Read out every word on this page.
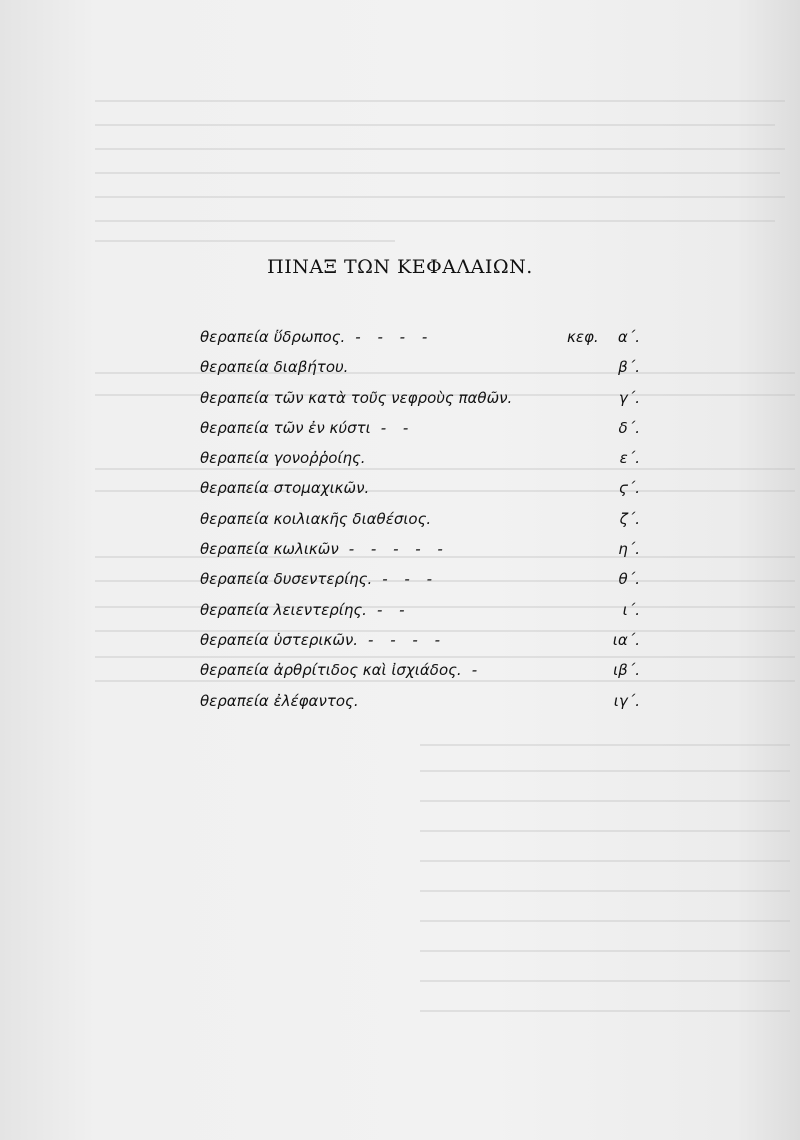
ΠΙΝΑΞ ΤΩΝ ΚΕΦΑΛΑΙΩΝ.
θεραπεία ὕδρωπος. - - - -	κεφ.	α΄.
θεραπεία διαβήτου.	β΄.
θεραπεία τῶν κατὰ τοῦς νεφροὺς παθῶν.	γ΄.
θεραπεία τῶν ἐν κύστι - -	δ΄.
θεραπεία γονοῤῥοίης.	ε΄.
θεραπεία στομαχικῶν.	ϛ΄.
θεραπεία κοιλιακῆς διαθέσιος.	ζ΄.
θεραπεία κωλικῶν - - - - -	η΄.
θεραπεία δυσεντερίης. - - -	θ΄.
θεραπεία λειεντερίης. - -	ι΄.
θεραπεία ὑστερικῶν. - - - -	ια΄.
θεραπεία ἀρθρίτιδος καὶ ἰσχιάδος. -	ιβ΄.
θεραπεία ἐλέφαντος.	ιγ΄.
